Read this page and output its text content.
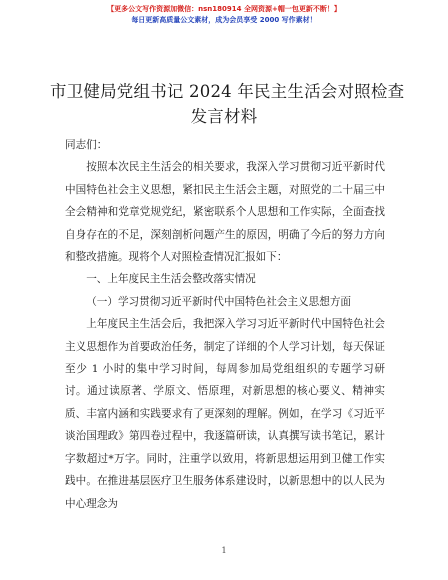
【更多公文写作资源加微信：nsn180914 全网资源+帽一包更新不断！】
每日更新高质量公文素材，成为会员享受 2000 写作素材！
市卫健局党组书记 2024 年民主生活会对照检查
发言材料

同志们：

按照本次民主生活会的相关要求，我深入学习贯彻习近平新时代中国特色社会主义思想，紧扣民主生活会主题，对照党的二十届三中全会精神和党章党规党纪，紧密联系个人思想和工作实际，全面查找自身存在的不足，深刻剖析问题产生的原因，明确了今后的努力方向和整改措施。现将个人对照检查情况汇报如下：

一、上年度民主生活会整改落实情况

（一）学习贯彻习近平新时代中国特色社会主义思想方面

上年度民主生活会后，我把深入学习习近平新时代中国特色社会主义思想作为首要政治任务，制定了详细的个人学习计划，每天保证至少 1 小时的集中学习时间，每周参加局党组组织的专题学习研讨。通过读原著、学原文、悟原理，对新思想的核心要义、精神实质、丰富内涵和实践要求有了更深刻的理解。例如，在学习《习近平谈治国理政》第四卷过程中，我逐篇研读，认真撰写读书笔记，累计字数超过*万字。同时，注重学以致用，将新思想运用到卫健工作实践中。在推进基层医疗卫生服务体系建设时，以新思想中的以人民为中心理念为

1
